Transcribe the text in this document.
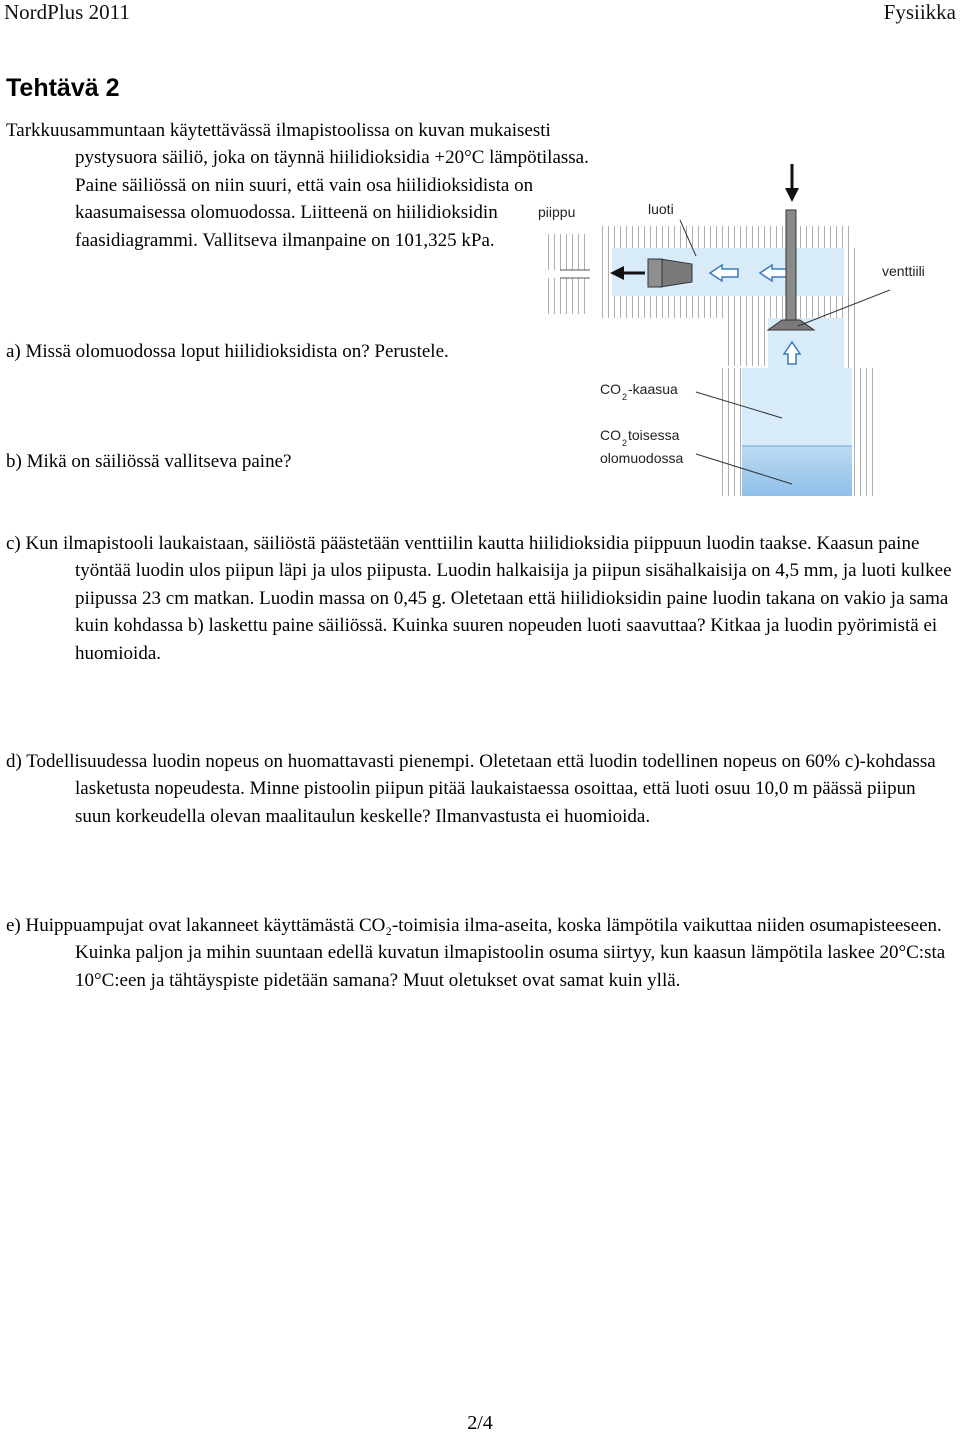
NordPlus 2011	Fysiikka
Tehtävä 2

Tarkkuusammuntaan käytettävässä ilmapistoolissa on kuvan mukaisesti pystysuora säiliö, joka on täynnä hiilidioksidia +20°C lämpötilassa. Paine säiliössä on niin suuri, että vain osa hiilidioksidista on kaasumaisessa olomuodossa. Liitteenä on hiilidioksidin faasidiagrammi. Vallitseva ilmanpaine on 101,325 kPa.

a) Missä olomuodossa loput hiilidioksidista on? Perustele.

b) Mikä on säiliössä vallitseva paine?

piippu	luoti
venttiili
CO 2 -kaasua
CO 2 toisessa
olomuodossa

c) Kun ilmapistooli laukaistaan, säiliöstä päästetään venttiilin kautta hiilidioksidia piippuun luodin taakse. Kaasun paine työntää luodin ulos piipun läpi ja ulos piipusta. Luodin halkaisija ja piipun sisähalkaisija on 4,5 mm, ja luoti kulkee piipussa 23 cm matkan. Luodin massa on 0,45 g. Oletetaan että hiilidioksidin paine luodin takana on vakio ja sama kuin kohdassa b) laskettu paine säiliössä. Kuinka suuren nopeuden luoti saavuttaa? Kitkaa ja luodin pyörimistä ei huomioida.

d) Todellisuudessa luodin nopeus on huomattavasti pienempi. Oletetaan että luodin todellinen nopeus on 60% c)-kohdassa lasketusta nopeudesta. Minne pistoolin piipun pitää laukaistaessa osoittaa, että luoti osuu 10,0 m päässä piipun suun korkeudella olevan maalitaulun keskelle? Ilmanvastusta ei huomioida.

e) Huippuampujat ovat lakanneet käyttämästä CO₂-toimisia ilma-aseita, koska lämpötila vaikuttaa niiden osumapisteeseen. Kuinka paljon ja mihin suuntaan edellä kuvatun ilmapistoolin osuma siirtyy, kun kaasun lämpötila laskee 20°C:sta 10°C:een ja tähtäyspiste pidetään samana? Muut oletukset ovat samat kuin yllä.

2/4
